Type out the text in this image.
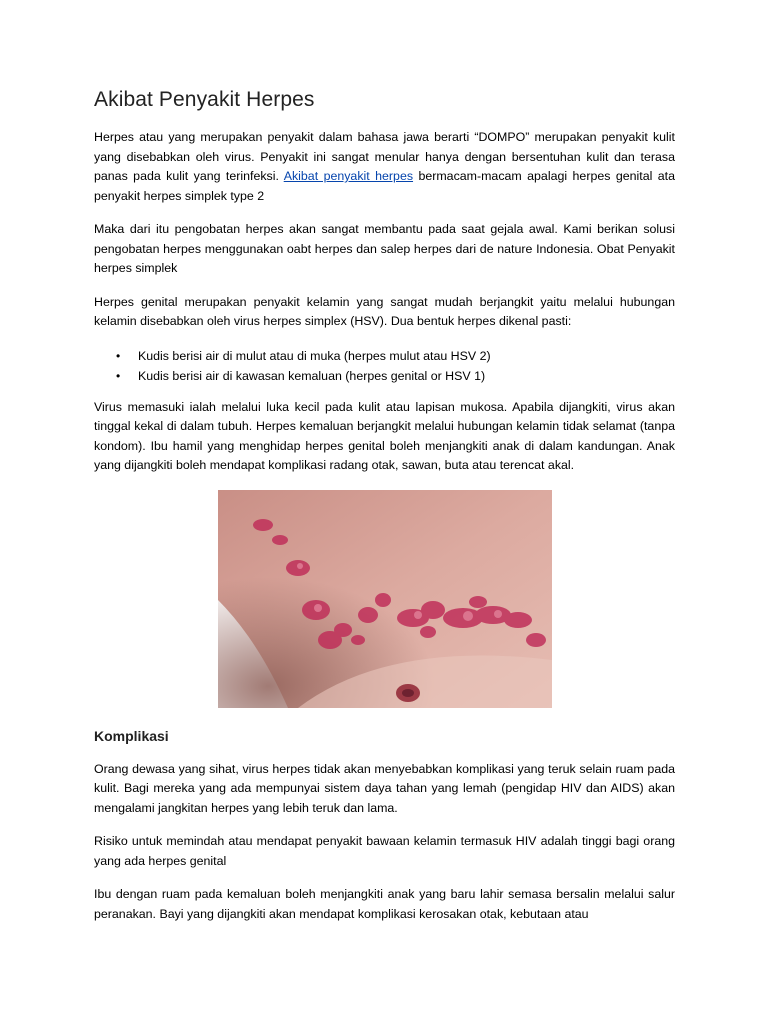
Akibat Penyakit Herpes

Herpes atau yang merupakan penyakit dalam bahasa jawa berarti “DOMPO” merupakan penyakit kulit yang disebabkan oleh virus. Penyakit ini sangat menular hanya dengan bersentuhan kulit dan terasa panas pada kulit yang terinfeksi. Akibat penyakit herpes bermacam-macam apalagi herpes genital ata penyakit herpes simplek type 2

Maka dari itu pengobatan herpes akan sangat membantu pada saat gejala awal. Kami berikan solusi pengobatan herpes menggunakan oabt herpes dan salep herpes dari de nature Indonesia. Obat Penyakit herpes simplek

Herpes genital merupakan penyakit kelamin yang sangat mudah berjangkit yaitu melalui hubungan kelamin disebabkan oleh virus herpes simplex (HSV). Dua bentuk herpes dikenal pasti:

• Kudis berisi air di mulut atau di muka (herpes mulut atau HSV 2)
• Kudis berisi air di kawasan kemaluan (herpes genital or HSV 1)

Virus memasuki ialah melalui luka kecil pada kulit atau lapisan mukosa. Apabila dijangkiti, virus akan tinggal kekal di dalam tubuh. Herpes kemaluan berjangkit melalui hubungan kelamin tidak selamat (tanpa kondom). Ibu hamil yang menghidap herpes genital boleh menjangkiti anak di dalam kandungan. Anak yang dijangkiti boleh mendapat komplikasi radang otak, sawan, buta atau terencat akal.

Komplikasi

Orang dewasa yang sihat, virus herpes tidak akan menyebabkan komplikasi yang teruk selain ruam pada kulit. Bagi mereka yang ada mempunyai sistem daya tahan yang lemah (pengidap HIV dan AIDS) akan mengalami jangkitan herpes yang lebih teruk dan lama.

Risiko untuk memindah atau mendapat penyakit bawaan kelamin termasuk HIV adalah tinggi bagi orang yang ada herpes genital

Ibu dengan ruam pada kemaluan boleh menjangkiti anak yang baru lahir semasa bersalin melalui salur peranakan. Bayi yang dijangkiti akan mendapat komplikasi kerosakan otak, kebutaan atau
